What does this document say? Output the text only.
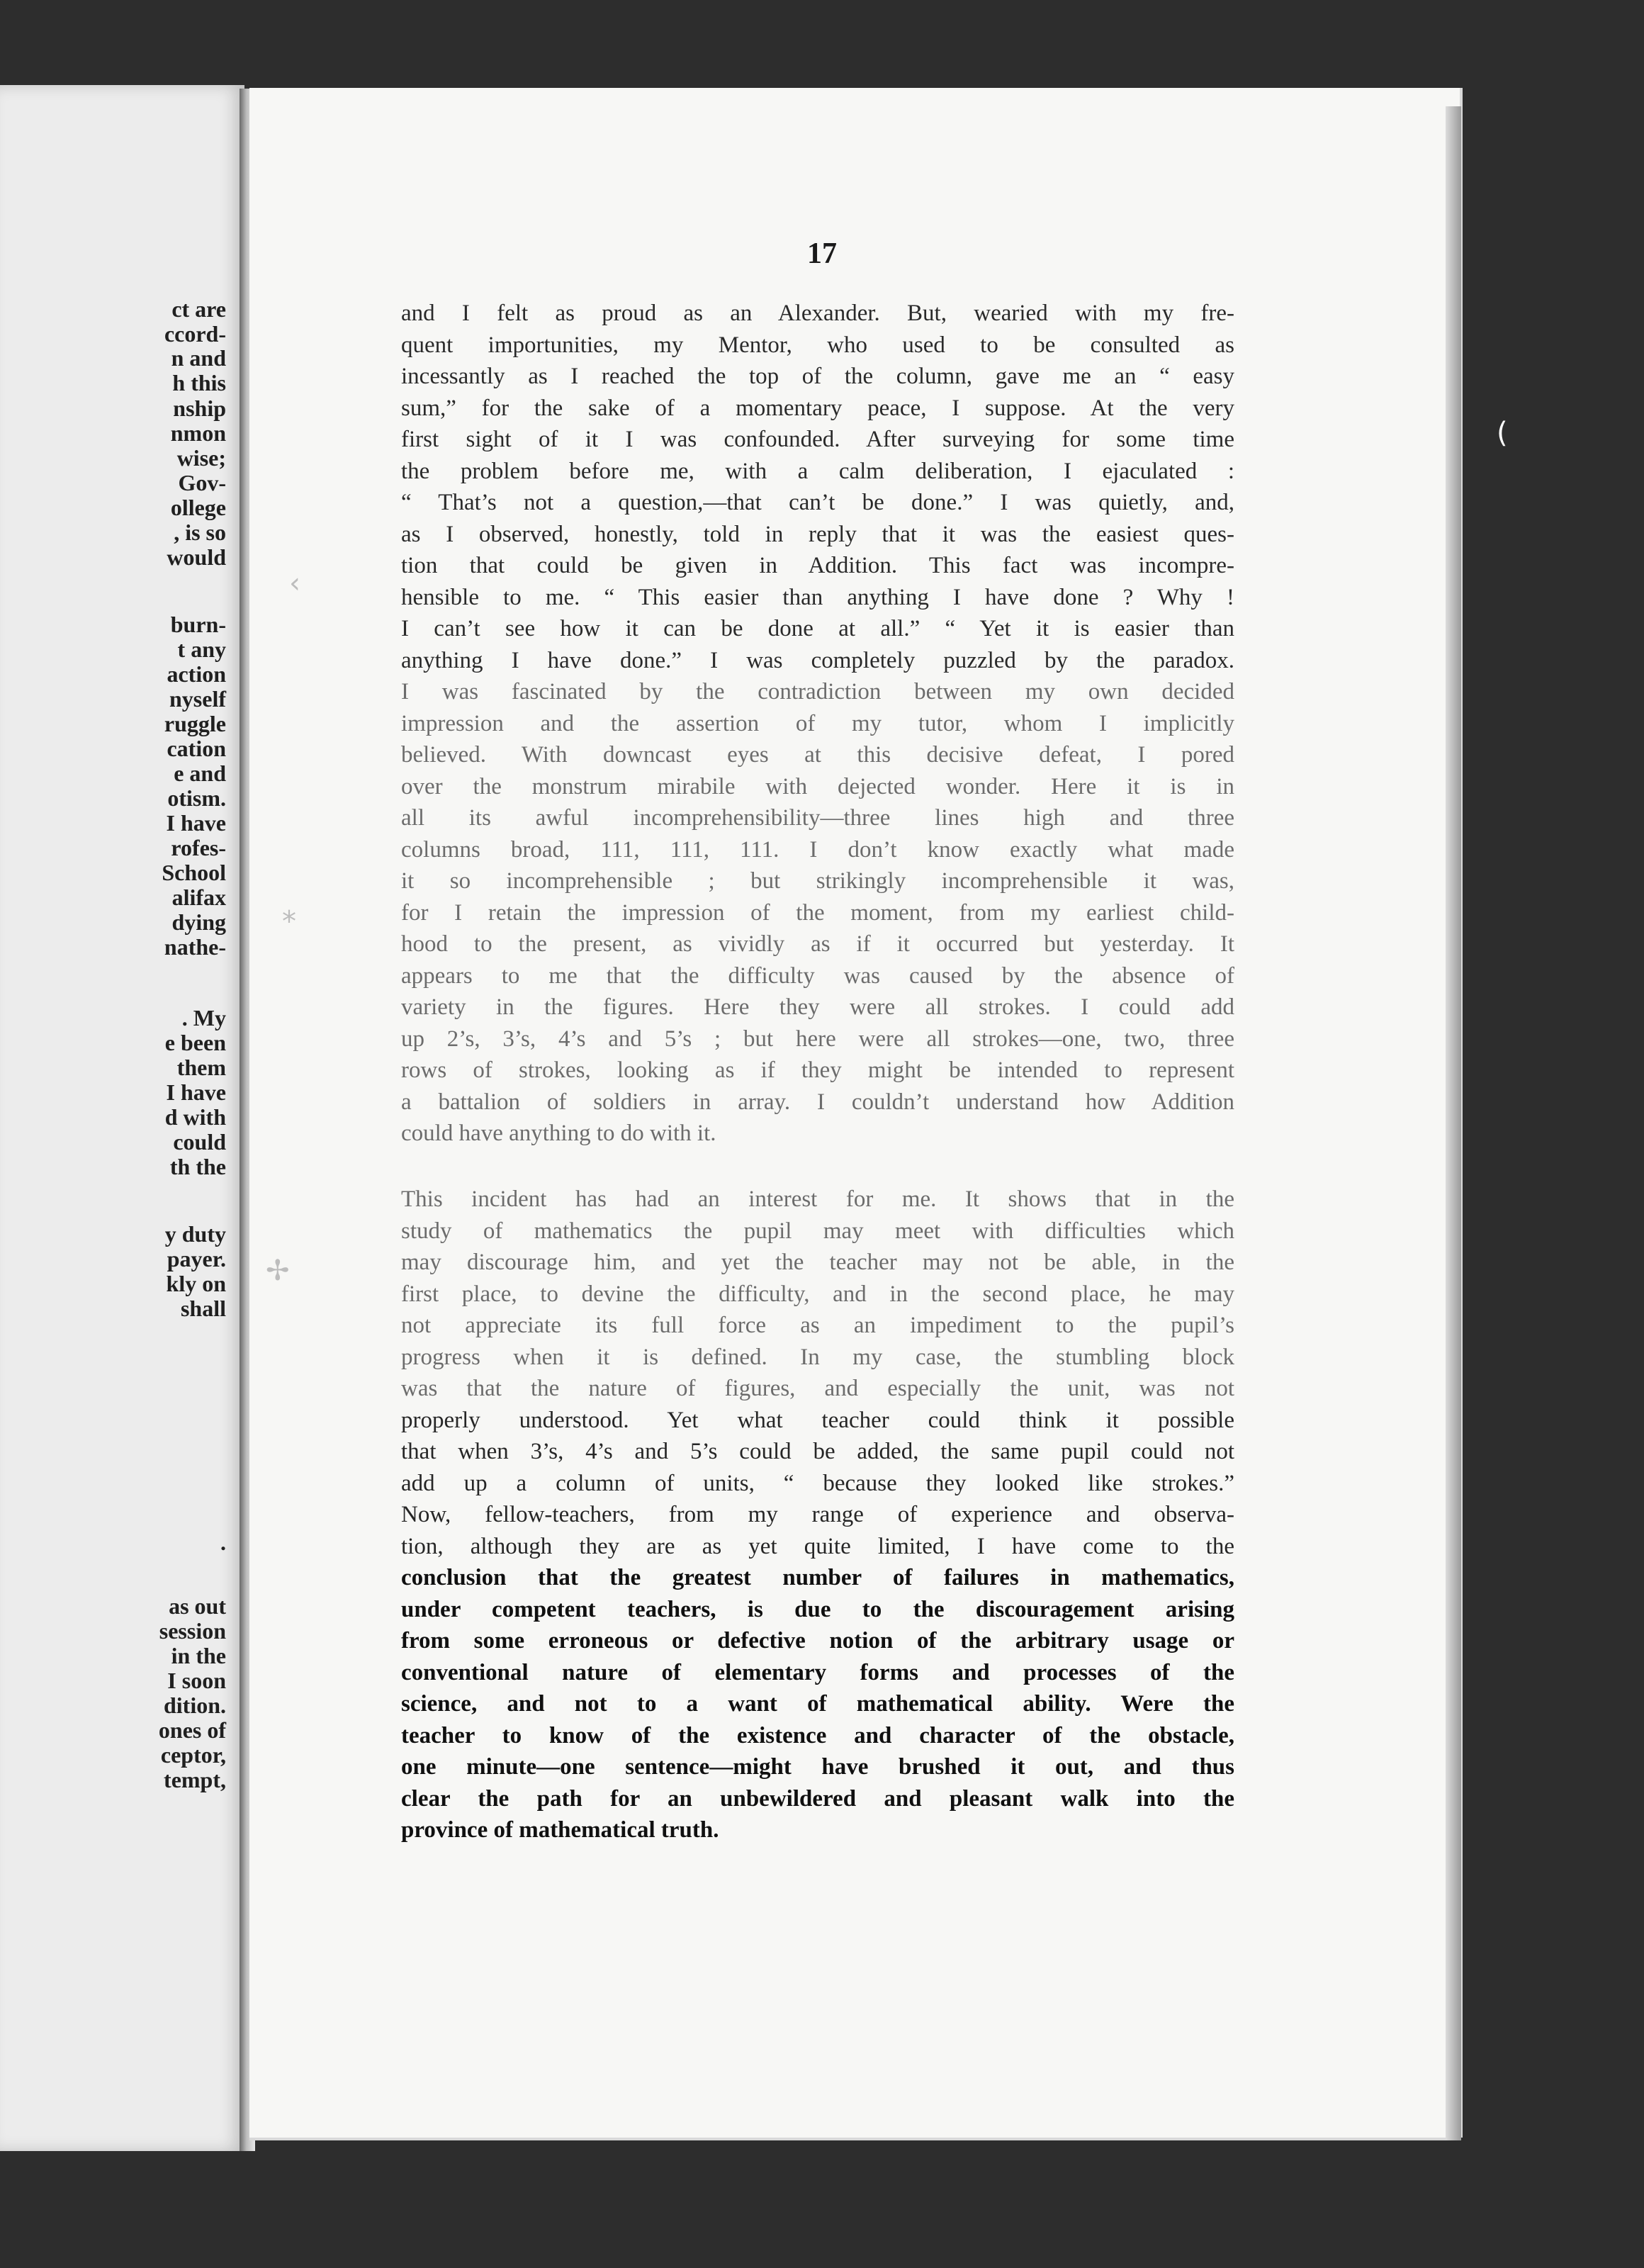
ct are
ccord-
n and
h this
nship
nmon
wise;
Gov-
ollege
, is so
would
burn-
t any
action
nyself
ruggle
cation
e and
otism.
I have
rofes-
School
alifax
dying
nathe-
. My
e been
them
I have
d with
could
th the
y duty
payer.
kly on
shall
.
as out
session
in the
I soon
dition.
ones of
ceptor,
tempt,
17
and I felt as proud as an Alexander. But, wearied with my fre-
quent importunities, my Mentor, who used to be consulted as
incessantly as I reached the top of the column, gave me an “ easy
sum,” for the sake of a momentary peace, I suppose. At the very
first sight of it I was confounded. After surveying for some time
the problem before me, with a calm deliberation, I ejaculated :
“ That’s not a question,—that can’t be done.” I was quietly, and,
as I observed, honestly, told in reply that it was the easiest ques-
tion that could be given in Addition. This fact was incompre-
hensible to me. “ This easier than anything I have done ? Why !
I can’t see how it can be done at all.” “ Yet it is easier than
anything I have done.” I was completely puzzled by the paradox.
I was fascinated by the contradiction between my own decided
impression and the assertion of my tutor, whom I implicitly
believed. With downcast eyes at this decisive defeat, I pored
over the monstrum mirabile with dejected wonder. Here it is in
all its awful incomprehensibility—three lines high and three
columns broad, 111, 111, 111. I don’t know exactly what made
it so incomprehensible ; but strikingly incomprehensible it was,
for I retain the impression of the moment, from my earliest child-
hood to the present, as vividly as if it occurred but yesterday. It
appears to me that the difficulty was caused by the absence of
variety in the figures. Here they were all strokes. I could add
up 2’s, 3’s, 4’s and 5’s ; but here were all strokes—one, two, three
rows of strokes, looking as if they might be intended to represent
a battalion of soldiers in array. I couldn’t understand how Addition
could have anything to do with it.
This incident has had an interest for me. It shows that in the
study of mathematics the pupil may meet with difficulties which
may discourage him, and yet the teacher may not be able, in the
first place, to devine the difficulty, and in the second place, he may
not appreciate its full force as an impediment to the pupil’s
progress when it is defined. In my case, the stumbling block
was that the nature of figures, and especially the unit, was not
properly understood. Yet what teacher could think it possible
that when 3’s, 4’s and 5’s could be added, the same pupil could not
add up a column of units, “ because they looked like strokes.”
Now, fellow-teachers, from my range of experience and observa-
tion, although they are as yet quite limited, I have come to the
conclusion that the greatest number of failures in mathematics,
under competent teachers, is due to the discouragement arising
from some erroneous or defective notion of the arbitrary usage or
conventional nature of elementary forms and processes of the
science, and not to a want of mathematical ability. Were the
teacher to know of the existence and character of the obstacle,
one minute—one sentence—might have brushed it out, and thus
clear the path for an unbewildered and pleasant walk into the
province of mathematical truth.
‹
⁎
✢
(
